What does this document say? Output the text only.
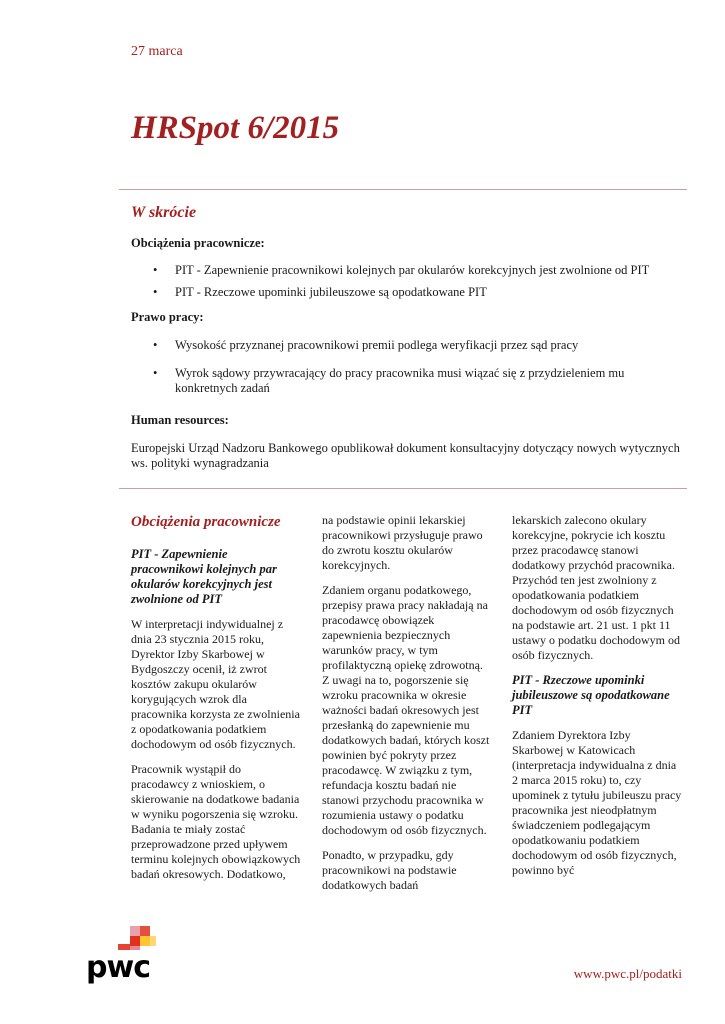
27 marca
HRSpot 6/2015
W skrócie
Obciążenia pracownicze:
• PIT - Zapewnienie pracownikowi kolejnych par okularów korekcyjnych jest zwolnione od PIT
• PIT - Rzeczowe upominki jubileuszowe są opodatkowane PIT
Prawo pracy:
• Wysokość przyznanej pracownikowi premii podlega weryfikacji przez sąd pracy
• Wyrok sądowy przywracający do pracy pracownika musi wiązać się z przydzieleniem mu konkretnych zadań
Human resources:

Europejski Urząd Nadzoru Bankowego opublikował dokument konsultacyjny dotyczący nowych wytycznych ws. polityki wynagradzania

Obciążenia pracownicze
PIT - Zapewnienie pracownikowi kolejnych par okularów korekcyjnych jest zwolnione od PIT

W interpretacji indywidualnej z dnia 23 stycznia 2015 roku, Dyrektor Izby Skarbowej w Bydgoszczy ocenił, iż zwrot kosztów zakupu okularów korygujących wzrok dla pracownika korzysta ze zwolnienia z opodatkowania podatkiem dochodowym od osób fizycznych.

Pracownik wystąpił do pracodawcy z wnioskiem, o skierowanie na dodatkowe badania w wyniku pogorszenia się wzroku. Badania te miały zostać przeprowadzone przed upływem terminu kolejnych obowiązkowych badań okresowych. Dodatkowo,

na podstawie opinii lekarskiej pracownikowi przysługuje prawo do zwrotu kosztu okularów korekcyjnych.

Zdaniem organu podatkowego, przepisy prawa pracy nakładają na pracodawcę obowiązek zapewnienia bezpiecznych warunków pracy, w tym profilaktyczną opiekę zdrowotną. Z uwagi na to, pogorszenie się wzroku pracownika w okresie ważności badań okresowych jest przesłanką do zapewnienie mu dodatkowych badań, których koszt powinien być pokryty przez pracodawcę. W związku z tym, refundacja kosztu badań nie stanowi przychodu pracownika w rozumienia ustawy o podatku dochodowym od osób fizycznych.

Ponadto, w przypadku, gdy pracownikowi na podstawie dodatkowych badań

lekarskich zalecono okulary korekcyjne, pokrycie ich kosztu przez pracodawcę stanowi dodatkowy przychód pracownika. Przychód ten jest zwolniony z opodatkowania podatkiem dochodowym od osób fizycznych na podstawie art. 21 ust. 1 pkt 11 ustawy o podatku dochodowym od osób fizycznych.

PIT - Rzeczowe upominki jubileuszowe są opodatkowane PIT

Zdaniem Dyrektora Izby Skarbowej w Katowicach (interpretacja indywidualna z dnia 2 marca 2015 roku) to, czy upominek z tytułu jubileuszu pracy pracownika jest nieodpłatnym świadczeniem podlegającym opodatkowaniu podatkiem dochodowym od osób fizycznych, powinno być

pwc	www.pwc.pl/podatki
